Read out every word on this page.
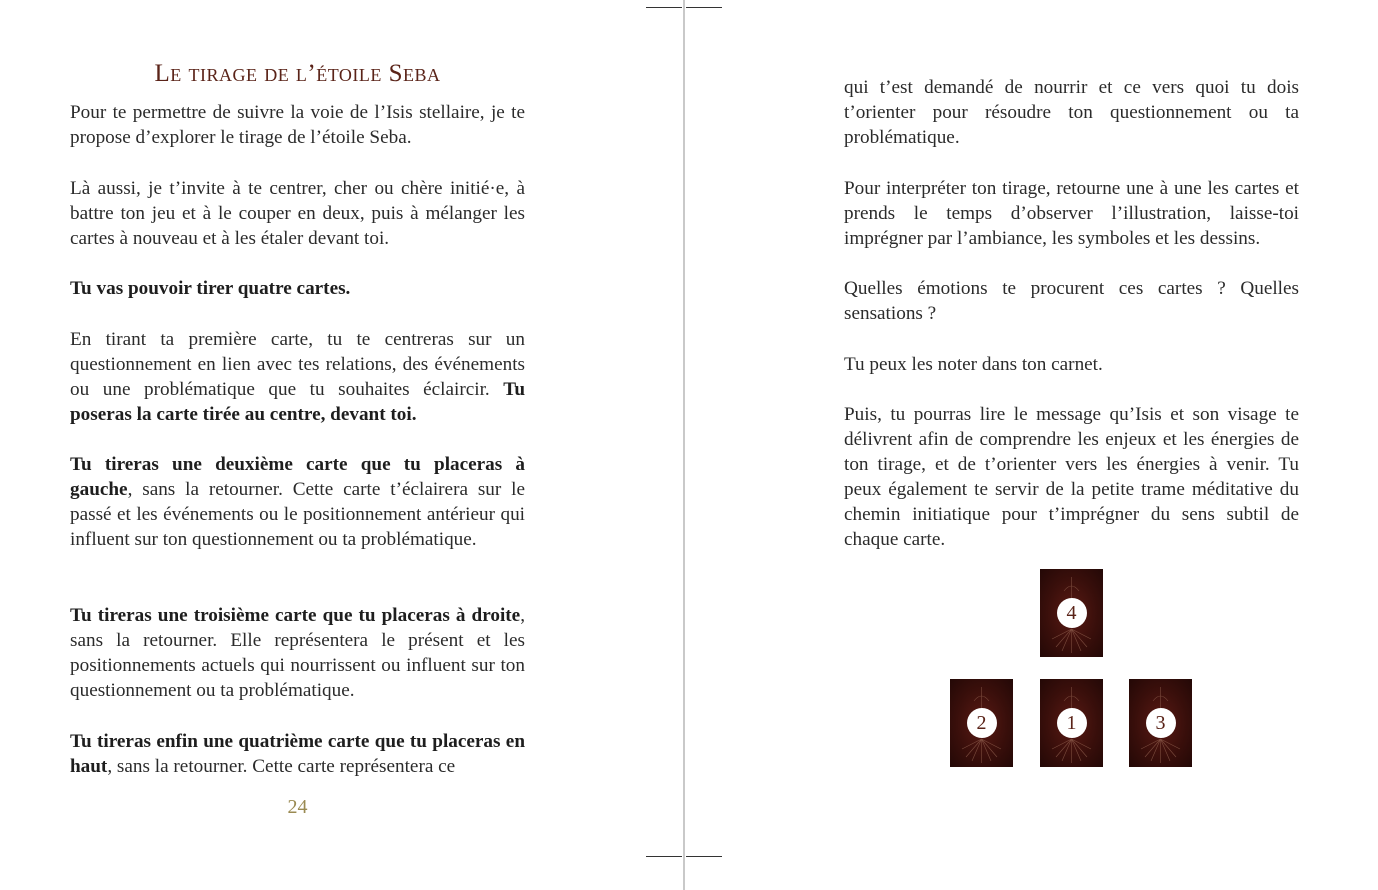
Le tirage de l’étoile Seba

Pour te permettre de suivre la voie de l’Isis stellaire, je te propose d’explorer le tirage de l’étoile Seba.

Là aussi, je t’invite à te centrer, cher ou chère initié·e, à battre ton jeu et à le couper en deux, puis à mélanger les cartes à nouveau et à les étaler devant toi.

Tu vas pouvoir tirer quatre cartes.

En tirant ta première carte, tu te centreras sur un questionnement en lien avec tes relations, des événements ou une problématique que tu souhaites éclaircir. Tu poseras la carte tirée au centre, devant toi.

Tu tireras une deuxième carte que tu placeras à gauche, sans la retourner. Cette carte t’éclairera sur le passé et les événements ou le positionnement antérieur qui influent sur ton questionnement ou ta problématique.

Tu tireras une troisième carte que tu placeras à droite, sans la retourner. Elle représentera le présent et les positionnements actuels qui nourrissent ou influent sur ton questionnement ou ta problématique.

Tu tireras enfin une quatrième carte que tu placeras en haut, sans la retourner. Cette carte représentera ce

24

qui t’est demandé de nourrir et ce vers quoi tu dois t’orienter pour résoudre ton questionnement ou ta problématique.

Pour interpréter ton tirage, retourne une à une les cartes et prends le temps d’observer l’illustration, laisse-toi imprégner par l’ambiance, les symboles et les dessins.

Quelles émotions te procurent ces cartes ? Quelles sensations ?

Tu peux les noter dans ton carnet.

Puis, tu pourras lire le message qu’Isis et son visage te délivrent afin de comprendre les enjeux et les énergies de ton tirage, et de t’orienter vers les énergies à venir. Tu peux également te servir de la petite trame méditative du chemin initiatique pour t’imprégner du sens subtil de chaque carte.

4
2	1	3
